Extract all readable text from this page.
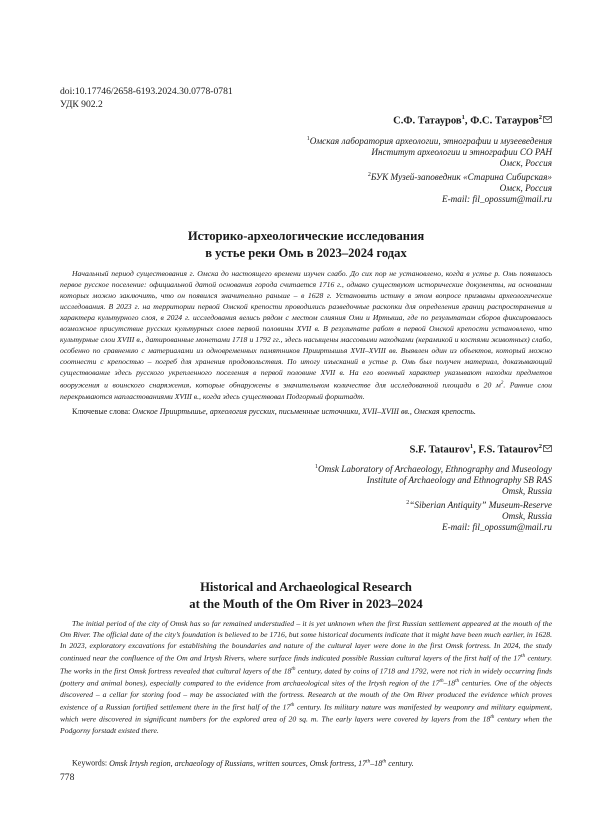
doi:10.17746/2658-6193.2024.30.0778-0781
УДК 902.2
С.Ф. Татауров$^1$, Ф.С. Татауров$^2$
$^1$Омская лаборатория археологии, этнографии и музееведения
Институт археологии и этнографии СО РАН
Омск, Россия
$^2$БУК Музей-заповедник «Старина Сибирская»
Омск, Россия
E-mail: fil_opossum@mail.ru
Историко-археологические исследования
в устье реки Омь в 2023–2024 годах
Начальный период существования г. Омска до настоящего времени изучен слабо. До сих пор не установлено, когда в устье р. Омь появилось первое русское поселение: официальной датой основания города считается 1716 г., однако существуют исторические документы, на основании которых можно заключить, что он появился значительно раньше – в 1628 г. Установить истину в этом вопросе призваны археологические исследования. В 2023 г. на территории первой Омской крепости проводились разведочные раскопки для определения границ распространения и характера культурного слоя, в 2024 г. исследования велись рядом с местом слияния Оми и Иртыша, где по результатам сборов фиксировалось возможное присутствие русских культурных слоев первой половины XVII в. В результате работ в первой Омской крепости установлено, что культурные слои XVIII в., датированные монетами 1718 и 1792 гг., здесь насыщены массовыми находками (керамикой и костями животных) слабо, особенно по сравнению с материалами из одновременных памятников Прииртышья XVII–XVIII вв. Выявлен один из объектов, который можно соотнести с крепостью – погреб для хранения продовольствия. По итогу изысканий в устье р. Омь был получен материал, доказывающий существование здесь русского укрепленного поселения в первой половине XVII в. На его военный характер указывают находки предметов вооружения и воинского снаряжения, которые обнаружены в значительном количестве для исследованной площади в 20 $м^2$. Ранние слои перекрываются напластованиями XVIII в., когда здесь существовал Подгорный форштадт.
Ключевые слова: Омское Прииртышье, археология русских, письменные источники, XVII–XVIII вв., Омская крепость.
S.F. Tataurov$^1$, F.S. Tataurov$^2$
$^1$Omsk Laboratory of Archaeology, Ethnography and Museology
Institute of Archaeology and Ethnography SB RAS
Omsk, Russia
$^2$“Siberian Antiquity” Museum-Reserve
Omsk, Russia
E-mail: fil_opossum@mail.ru
Historical and Archaeological Research
at the Mouth of the Om River in 2023–2024
The initial period of the city of Omsk has so far remained understudied – it is yet unknown when the first Russian settlement appeared at the mouth of the Om River. The official date of the city’s foundation is believed to be 1716, but some historical documents indicate that it might have been much earlier, in 1628. In 2023, exploratory excavations for establishing the boundaries and nature of the cultural layer were done in the first Omsk fortress. In 2024, the study continued near the confluence of the Om and Irtysh Rivers, where surface finds indicated possible Russian cultural layers of the first half of the 17th century. The works in the first Omsk fortress revealed that cultural layers of the 18th century, dated by coins of 1718 and 1792, were not rich in widely occurring finds (pottery and animal bones), especially compared to the evidence from archaeological sites of the Irtysh region of the 17th–18th centuries. One of the objects discovered – a cellar for storing food – may be associated with the fortress. Research at the mouth of the Om River produced the evidence which proves existence of a Russian fortified settlement there in the first half of the 17th century. Its military nature was manifested by weaponry and military equipment, which were discovered in significant numbers for the explored area of 20 sq. m. The early layers were covered by layers from the 18th century when the Podgorny forstadt existed there.
Keywords: Omsk Irtysh region, archaeology of Russians, written sources, Omsk fortress, 17th–18th century.
778
